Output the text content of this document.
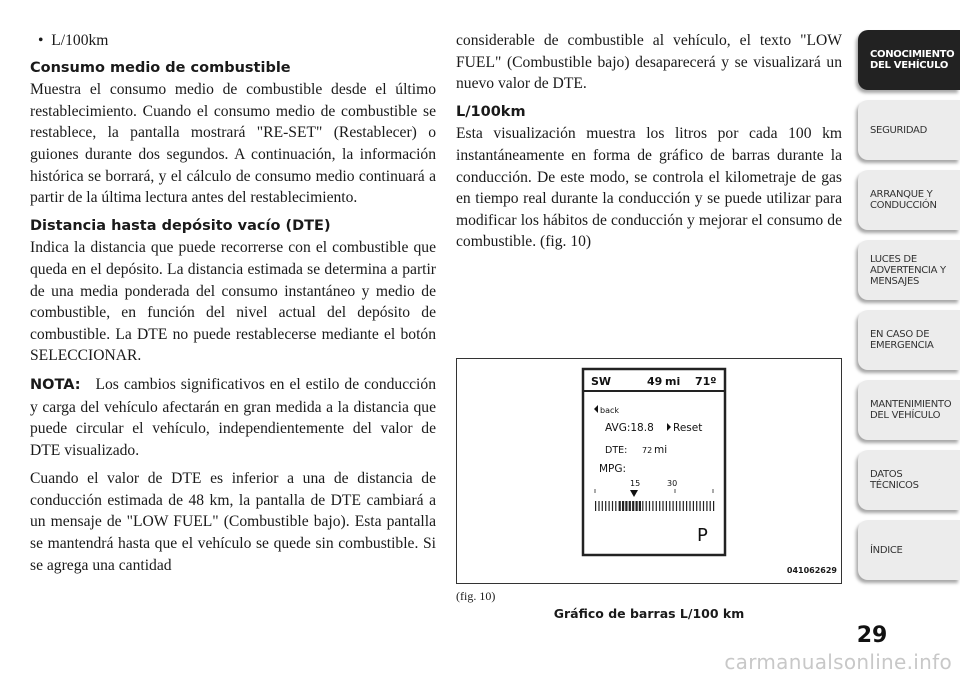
•  L/100km

Consumo medio de combustible
Muestra el consumo medio de combustible desde el último restablecimiento. Cuando el consumo medio de combustible se restablece, la pantalla mostrará "RE-SET" (Restablecer) o guiones durante dos segundos. A continuación, la información histórica se borrará, y el cálculo de consumo medio continuará a partir de la última lectura antes del restablecimiento.

Distancia hasta depósito vacío (DTE)
Indica la distancia que puede recorrerse con el combustible que queda en el depósito. La distancia estimada se determina a partir de una media ponderada del consumo instantáneo y medio de combustible, en función del nivel actual del depósito de combustible. La DTE no puede restablecerse mediante el botón SELECCIONAR.

NOTA: Los cambios significativos en el estilo de conducción y carga del vehículo afectarán en gran medida a la distancia que puede circular el vehículo, independientemente del valor de DTE visualizado.

Cuando el valor de DTE es inferior a una de distancia de conducción estimada de 48 km, la pantalla de DTE cambiará a un mensaje de "LOW FUEL" (Combustible bajo). Esta pantalla se mantendrá hasta que el vehículo se quede sin combustible. Si se agrega una cantidad

considerable de combustible al vehículo, el texto "LOW FUEL" (Combustible bajo) desaparecerá y se visualizará un nuevo valor de DTE.

L/100km
Esta visualización muestra los litros por cada 100 km instantáneamente en forma de gráfico de barras durante la conducción. De este modo, se controla el kilometraje de gas en tiempo real durante la conducción y se puede utilizar para modificar los hábitos de conducción y mejorar el consumo de combustible. (fig. 10)

SW	49 mi 71º
back
AVG:18.8 Reset
DTE: 72 mi
MPG:
15	30
P
041062629
(fig. 10)
Gráfico de barras L/100 km
CONOCIMIENTO
DEL VEHÍCULO
SEGURIDAD
ARRANQUE Y
CONDUCCIÓN
LUCES DE
ADVERTENCIA Y
MENSAJES
EN CASO DE
EMERGENCIA
MANTENIMIENTO
DEL VEHÍCULO
DATOS
TÉCNICOS
ÍNDICE
29
carmanualsonline.info
